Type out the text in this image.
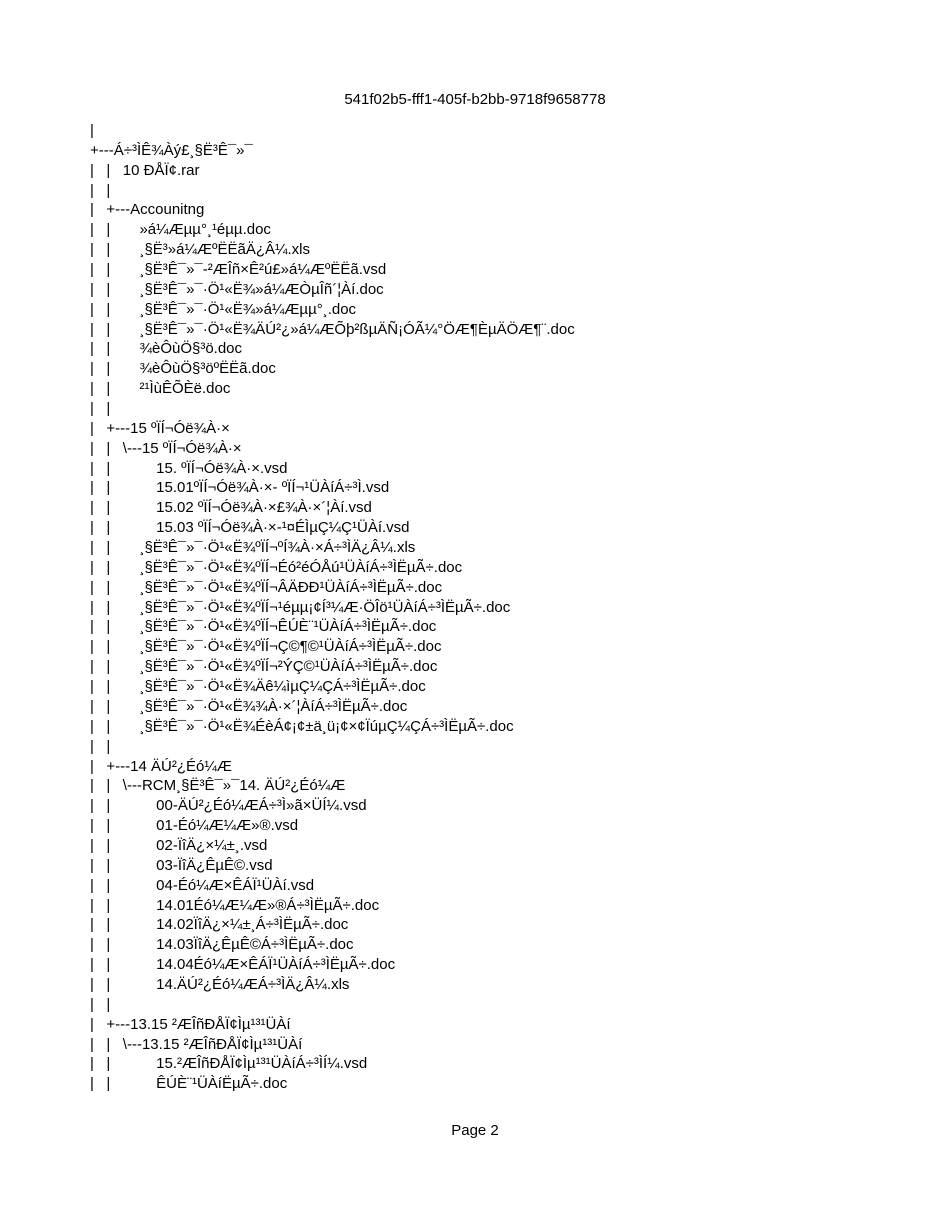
541f02b5-fff1-405f-b2bb-9718f9658778
|
+---Á÷³ÌÊ¾Àý£¸§Ë³Ê¯»¯
|   |   10 ÐÅÏ¢.rar
|   |
|   +---Accounitng
|   |       »á¼Æµµ°¸¹éµµ.doc
|   |       ¸§Ë³»á¼ÆºËËãÄ¿Â¼.xls
|   |       ¸§Ë³Ê¯»¯-²ÆÎñ×Ê²ú£»á¼ÆºËËã.vsd
|   |       ¸§Ë³Ê¯»¯·Ö¹«Ë¾»á¼ÆÒµÎñ´¦Àí.doc
|   |       ¸§Ë³Ê¯»¯·Ö¹«Ë¾»á¼Æµµ°¸.doc
|   |       ¸§Ë³Ê¯»¯·Ö¹«Ë¾ÄÚ²¿»á¼ÆÕþ²ßµÄÑ¡ÓÃ¼°ÖÆ¶ÈµÄÖÆ¶¨.doc
|   |       ¾èÔùÖ§³ö.doc
|   |       ¾èÔùÖ§³öºËËã.doc
|   |       ²¹ÌùÊÕÈë.doc
|   |
|   +---15 ºÏÍ¬Óë¾À·×
|   |   \---15 ºÏÍ¬Óë¾À·×
|   |           15. ºÏÍ¬Óë¾À·×.vsd
|   |           15.01ºÏÍ¬Óë¾À·×- ºÏÍ¬¹ÜÀíÁ÷³Ì.vsd
|   |           15.02 ºÏÍ¬Óë¾À·×£¾À·×´¦Àí.vsd
|   |           15.03 ºÏÍ¬Óë¾À·×-¹¤ÉÌµÇ¼Ç¹ÜÀí.vsd
|   |       ¸§Ë³Ê¯»¯·Ö¹«Ë¾ºÏÍ¬ºÍ¾À·×Á÷³ÌÄ¿Â¼.xls
|   |       ¸§Ë³Ê¯»¯·Ö¹«Ë¾ºÏÍ¬Éó²éÓÅú¹ÜÀíÁ÷³ÌËµÃ÷.doc
|   |       ¸§Ë³Ê¯»¯·Ö¹«Ë¾ºÏÍ¬ÂÄÐÐ¹ÜÀíÁ÷³ÌËµÃ÷.doc
|   |       ¸§Ë³Ê¯»¯·Ö¹«Ë¾ºÏÍ¬¹éµµ¡¢Í³¼Æ·ÖÎö¹ÜÀíÁ÷³ÌËµÃ÷.doc
|   |       ¸§Ë³Ê¯»¯·Ö¹«Ë¾ºÏÍ¬ÊÚÈ¨¹ÜÀíÁ÷³ÌËµÃ÷.doc
|   |       ¸§Ë³Ê¯»¯·Ö¹«Ë¾ºÏÍ¬Ç©¶©¹ÜÀíÁ÷³ÌËµÃ÷.doc
|   |       ¸§Ë³Ê¯»¯·Ö¹«Ë¾ºÏÍ¬²ÝÇ©¹ÜÀíÁ÷³ÌËµÃ÷.doc
|   |       ¸§Ë³Ê¯»¯·Ö¹«Ë¾Äê¼ìµÇ¼ÇÁ÷³ÌËµÃ÷.doc
|   |       ¸§Ë³Ê¯»¯·Ö¹«Ë¾¾À·×´¦ÀíÁ÷³ÌËµÃ÷.doc
|   |       ¸§Ë³Ê¯»¯·Ö¹«Ë¾ÉèÁ¢¡¢±ä¸ü¡¢×¢ÏúµÇ¼ÇÁ÷³ÌËµÃ÷.doc
|   |
|   +---14 ÄÚ²¿Éó¼Æ
|   |   \---RCM¸§Ë³Ê¯»¯14. ÄÚ²¿Éó¼Æ
|   |           00-ÄÚ²¿Éó¼ÆÁ÷³Ì»ã×ÜÍ¼.vsd
|   |           01-Éó¼Æ¼Æ»®.vsd
|   |           02-ÏîÄ¿×¼±¸.vsd
|   |           03-ÏîÄ¿ÊµÊ©.vsd
|   |           04-Éó¼Æ×ÊÁÏ¹ÜÀí.vsd
|   |           14.01Éó¼Æ¼Æ»®Á÷³ÌËµÃ÷.doc
|   |           14.02ÏîÄ¿×¼±¸Á÷³ÌËµÃ÷.doc
|   |           14.03ÏîÄ¿ÊµÊ©Á÷³ÌËµÃ÷.doc
|   |           14.04Éó¼Æ×ÊÁÏ¹ÜÀíÁ÷³ÌËµÃ÷.doc
|   |           14.ÄÚ²¿Éó¼ÆÁ÷³ÌÄ¿Â¼.xls
|   |
|   +---13.15 ²ÆÎñÐÅÏ¢Ìµ¹³¹ÜÀí
|   |   \---13.15 ²ÆÎñÐÅÏ¢Ìµ¹³¹ÜÀí
|   |           15.²ÆÎñÐÅÏ¢Ìµ¹³¹ÜÀíÁ÷³ÌÍ¼.vsd
|   |           ÊÚÈ¨¹ÜÀíËµÃ÷.doc
Page 2
